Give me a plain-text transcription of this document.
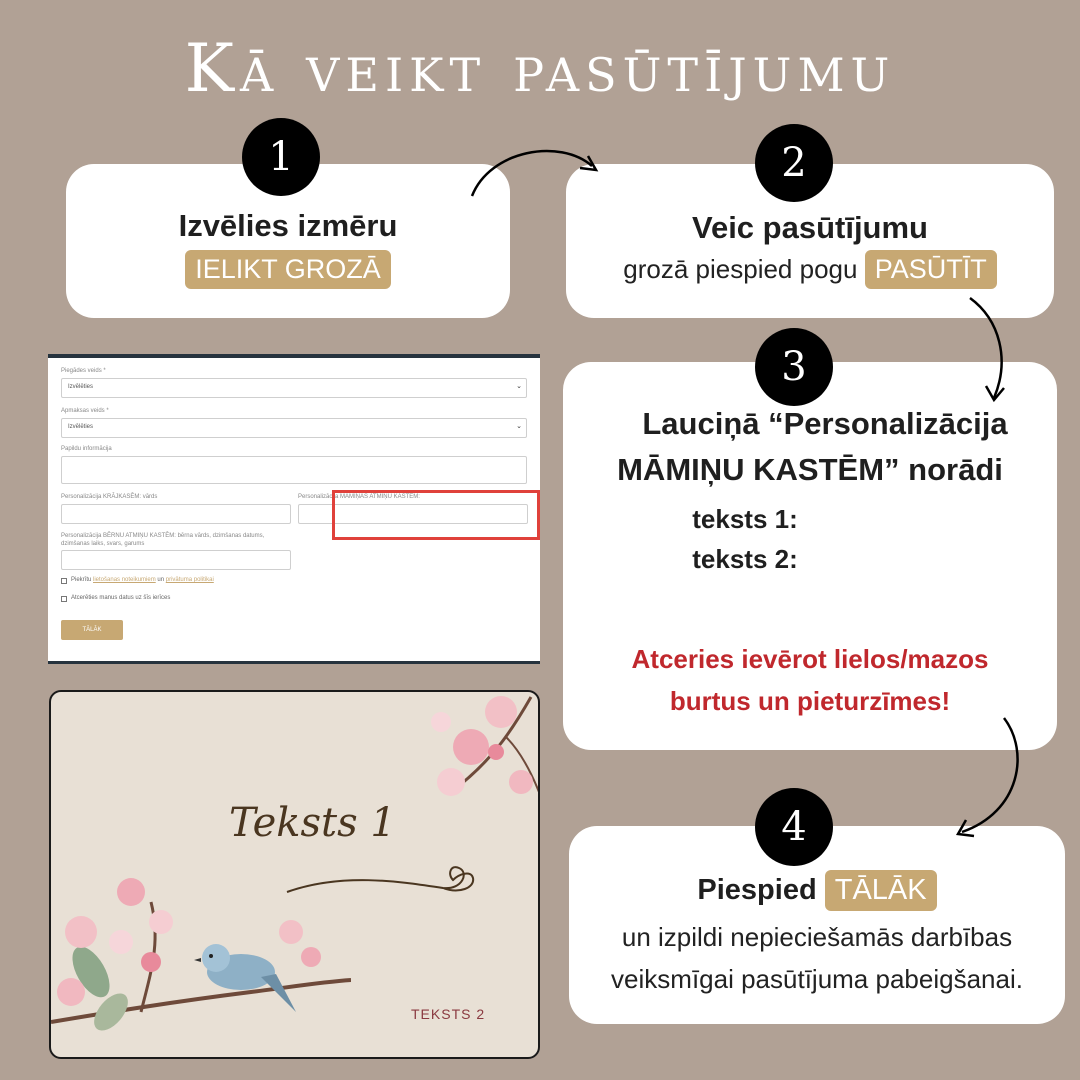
Kā veikt pasūtījumu
Izvēlies izmēru
IELIKT GROZĀ
1
Veic pasūtījumu
grozā piespied pogu PASŪTĪT
2
Lauciņā “Personalizācija
MĀMIŅU KASTĒM” norādi
teksts 1:
teksts 2:
Atceries ievērot lielos/mazos
burtus un pieturzīmes!
3
Piespied TĀLĀK
un izpildi nepieciešamās darbības
veiksmīgai pasūtījuma pabeigšanai.
4
Piegādes veids *
Izvēlēties	⌄
Apmaksas veids *
Izvēlēties	⌄
Papildu informācija
Personalizācija KRĀJKASĒM: vārds	Personalizācija MĀMIŅAS ATMIŅU KASTĒM:
Personalizācija BĒRNU ATMIŅU KASTĒM: bērna vārds, dzimšanas datums, dzimšanas laiks, svars, garums
Piekrītu lietošanas noteikumiem un privātuma politikai
Atcerēties manus datus uz šīs ierīces
TĀLĀK
Teksts 1
TEKSTS 2
